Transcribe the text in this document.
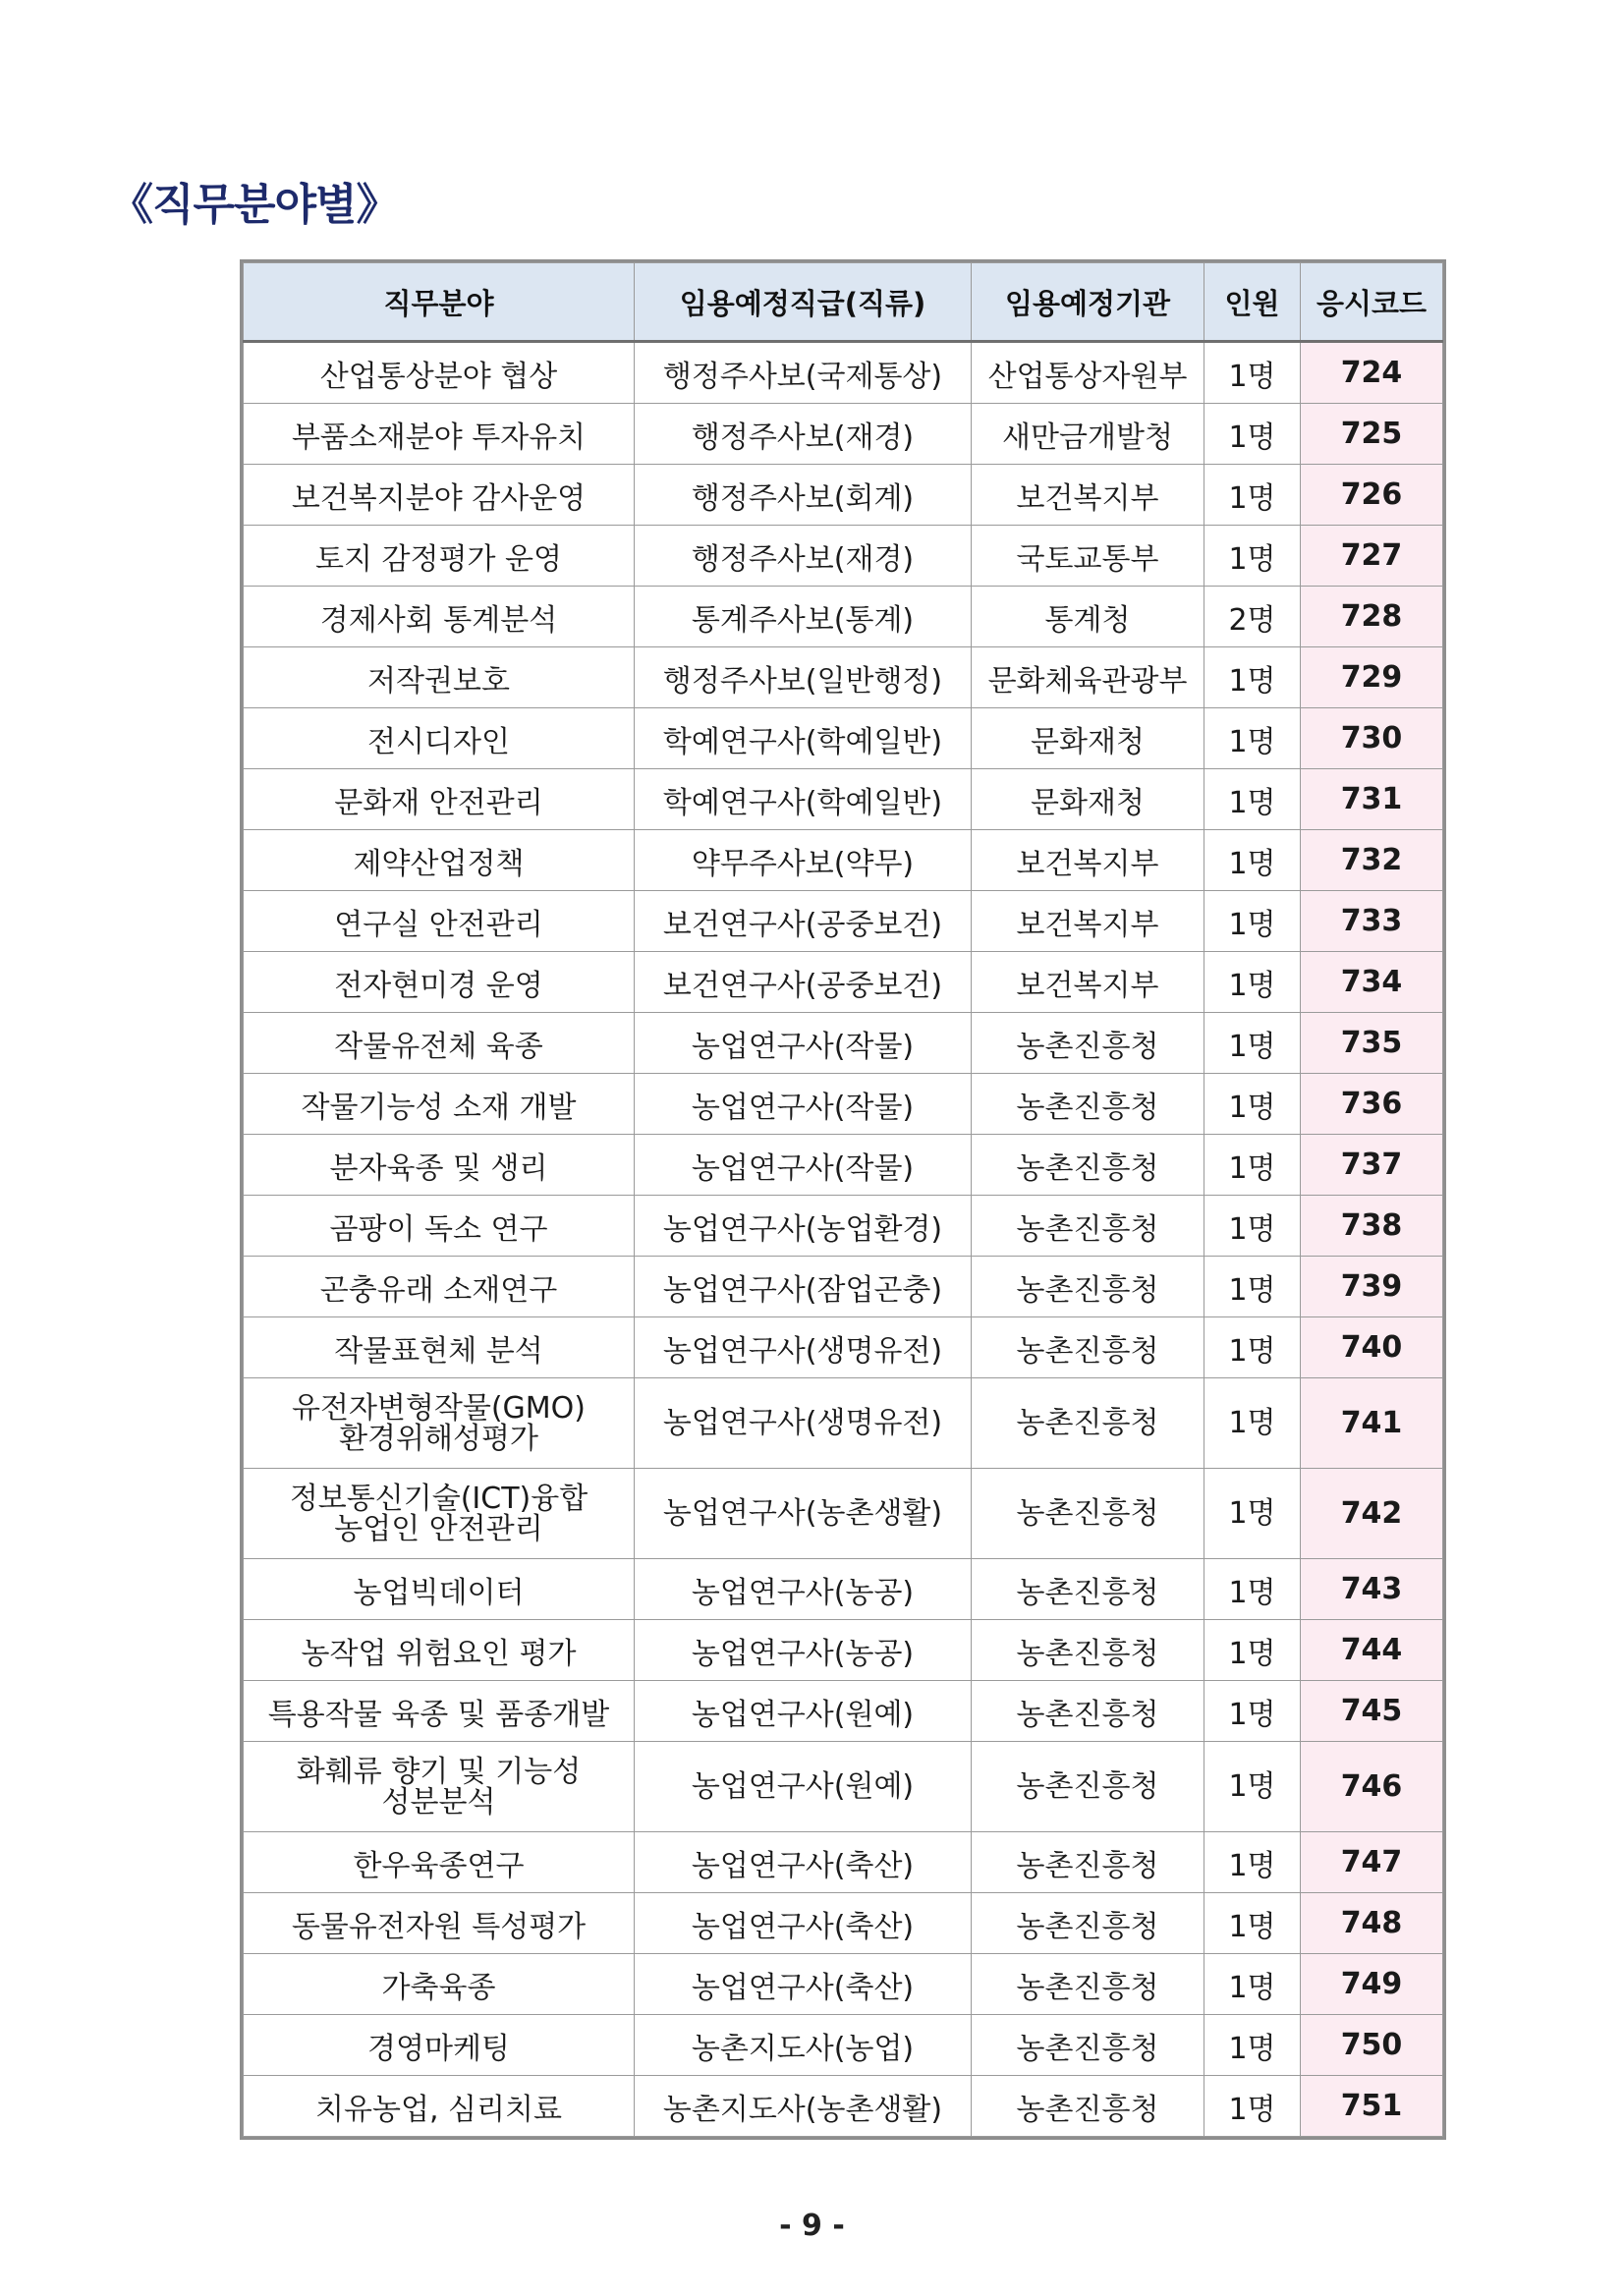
《직무분야별》
직무분야	임용예정직급(직류)	임용예정기관	인원	응시코드
산업통상분야 협상	행정주사보(국제통상)	산업통상자원부	1명	724
부품소재분야 투자유치	행정주사보(재경)	새만금개발청	1명	725
보건복지분야 감사운영	행정주사보(회계)	보건복지부	1명	726
토지 감정평가 운영	행정주사보(재경)	국토교통부	1명	727
경제사회 통계분석	통계주사보(통계)	통계청	2명	728
저작권보호	행정주사보(일반행정)	문화체육관광부	1명	729
전시디자인	학예연구사(학예일반)	문화재청	1명	730
문화재 안전관리	학예연구사(학예일반)	문화재청	1명	731
제약산업정책	약무주사보(약무)	보건복지부	1명	732
연구실 안전관리	보건연구사(공중보건)	보건복지부	1명	733
전자현미경 운영	보건연구사(공중보건)	보건복지부	1명	734
작물유전체 육종	농업연구사(작물)	농촌진흥청	1명	735
작물기능성 소재 개발	농업연구사(작물)	농촌진흥청	1명	736
분자육종 및 생리	농업연구사(작물)	농촌진흥청	1명	737
곰팡이 독소 연구	농업연구사(농업환경)	농촌진흥청	1명	738
곤충유래 소재연구	농업연구사(잠업곤충)	농촌진흥청	1명	739
작물표현체 분석	농업연구사(생명유전)	농촌진흥청	1명	740

유전자변형작물(GMO)
환경위해성평가	농업연구사(생명유전)	농촌진흥청	1명	741

정보통신기술(ICT)융합
농업인 안전관리	농업연구사(농촌생활)	농촌진흥청	1명	742
농업빅데이터	농업연구사(농공)	농촌진흥청	1명	743
농작업 위험요인 평가	농업연구사(농공)	농촌진흥청	1명	744
특용작물 육종 및 품종개발	농업연구사(원예)	농촌진흥청	1명	745

화훼류 향기 및 기능성
성분분석	농업연구사(원예)	농촌진흥청	1명	746
한우육종연구	농업연구사(축산)	농촌진흥청	1명	747
동물유전자원 특성평가	농업연구사(축산)	농촌진흥청	1명	748
가축육종	농업연구사(축산)	농촌진흥청	1명	749
경영마케팅	농촌지도사(농업)	농촌진흥청	1명	750
치유농업, 심리치료	농촌지도사(농촌생활)	농촌진흥청	1명	751
- 9 -
